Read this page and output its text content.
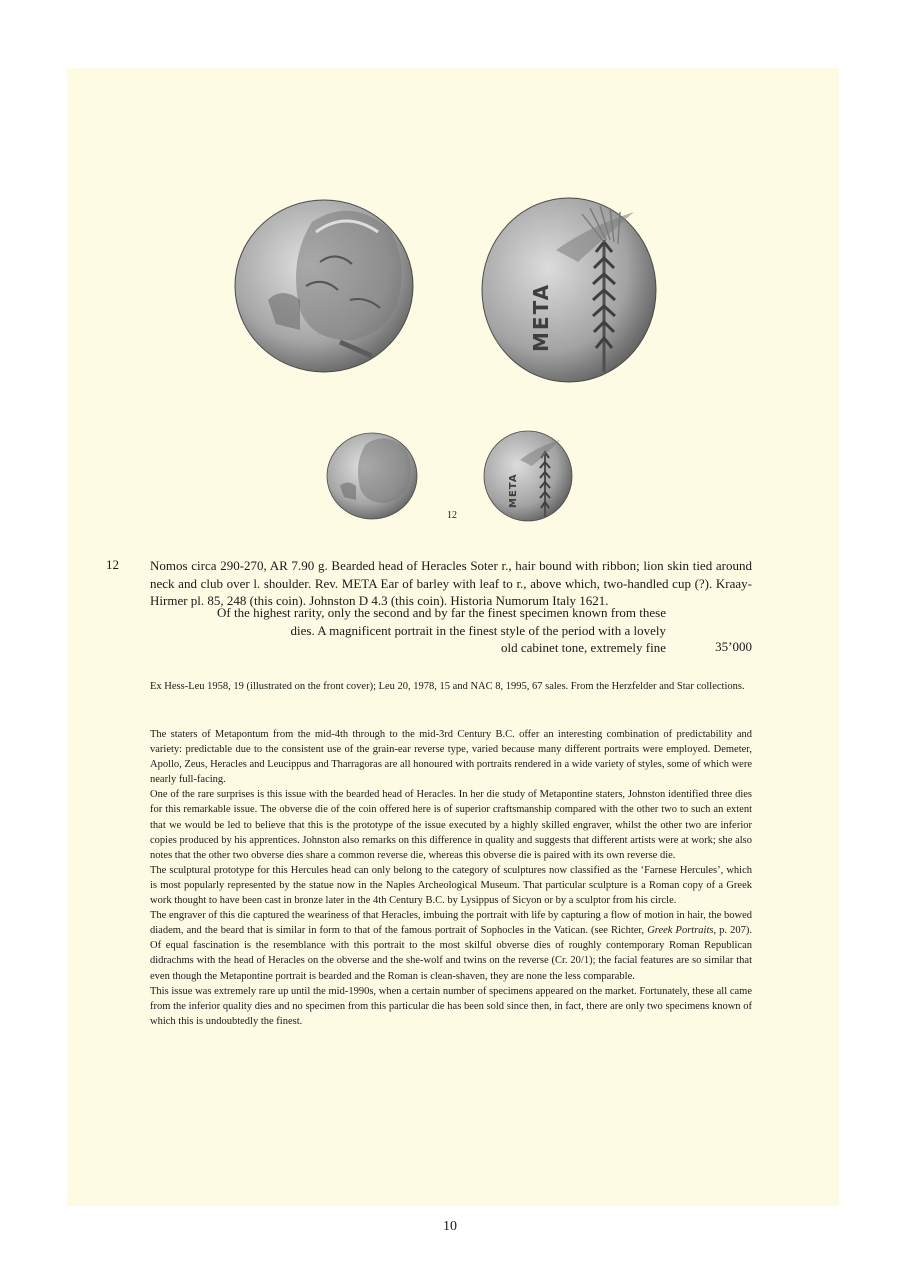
META
META
12
12 Nomos circa 290-270, AR 7.90 g. Bearded head of Heracles Soter r., hair bound with ribbon; lion skin tied around neck and club over l. shoulder. Rev. META Ear of barley with leaf to r., above which, two-handled cup (?). Kraay-Hirmer pl. 85, 248 (this coin). Johnston D 4.3 (this coin). Historia Numorum Italy 1621.
Of the highest rarity, only the second and by far the finest specimen known from these
dies. A magnificent portrait in the finest style of the period with a lovely
old cabinet tone, extremely fine	35’000
Ex Hess-Leu 1958, 19 (illustrated on the front cover); Leu 20, 1978, 15 and NAC 8, 1995, 67 sales. From the Herzfelder and Star collections.

The staters of Metapontum from the mid-4th through to the mid-3rd Century B.C. offer an interesting combination of predictability and variety: predictable due to the consistent use of the grain-ear reverse type, varied because many different portraits were employed. Demeter, Apollo, Zeus, Heracles and Leucippus and Tharragoras are all honoured with portraits rendered in a wide variety of styles, some of which were nearly full-facing.

One of the rare surprises is this issue with the bearded head of Heracles. In her die study of Metapontine staters, Johnston identified three dies for this remarkable issue. The obverse die of the coin offered here is of superior craftsmanship compared with the other two to such an extent that we would be led to believe that this is the prototype of the issue executed by a highly skilled engraver, whilst the other two are inferior copies produced by his apprentices. Johnston also remarks on this difference in quality and suggests that different artists were at work; she also notes that the other two obverse dies share a common reverse die, whereas this obverse die is paired with its own reverse die.

The sculptural prototype for this Hercules head can only belong to the category of sculptures now classified as the ‘Farnese Hercules’, which is most popularly represented by the statue now in the Naples Archeological Museum. That particular sculpture is a Roman copy of a Greek work thought to have been cast in bronze later in the 4th Century B.C. by Lysippus of Sicyon or by a sculptor from his circle.

The engraver of this die captured the weariness of that Heracles, imbuing the portrait with life by capturing a flow of motion in hair, the bowed diadem, and the beard that is similar in form to that of the famous portrait of Sophocles in the Vatican. (see Richter, Greek Portraits, p. 207). Of equal fascination is the resemblance with this portrait to the most skilful obverse dies of roughly contemporary Roman Republican didrachms with the head of Heracles on the obverse and the she-wolf and twins on the reverse (Cr. 20/1); the facial features are so similar that even though the Metapontine portrait is bearded and the Roman is clean-shaven, they are none the less comparable.

This issue was extremely rare up until the mid-1990s, when a certain number of specimens appeared on the market. Fortunately, these all came from the inferior quality dies and no specimen from this particular die has been sold since then, in fact, there are only two specimens known of which this is undoubtedly the finest.

10
